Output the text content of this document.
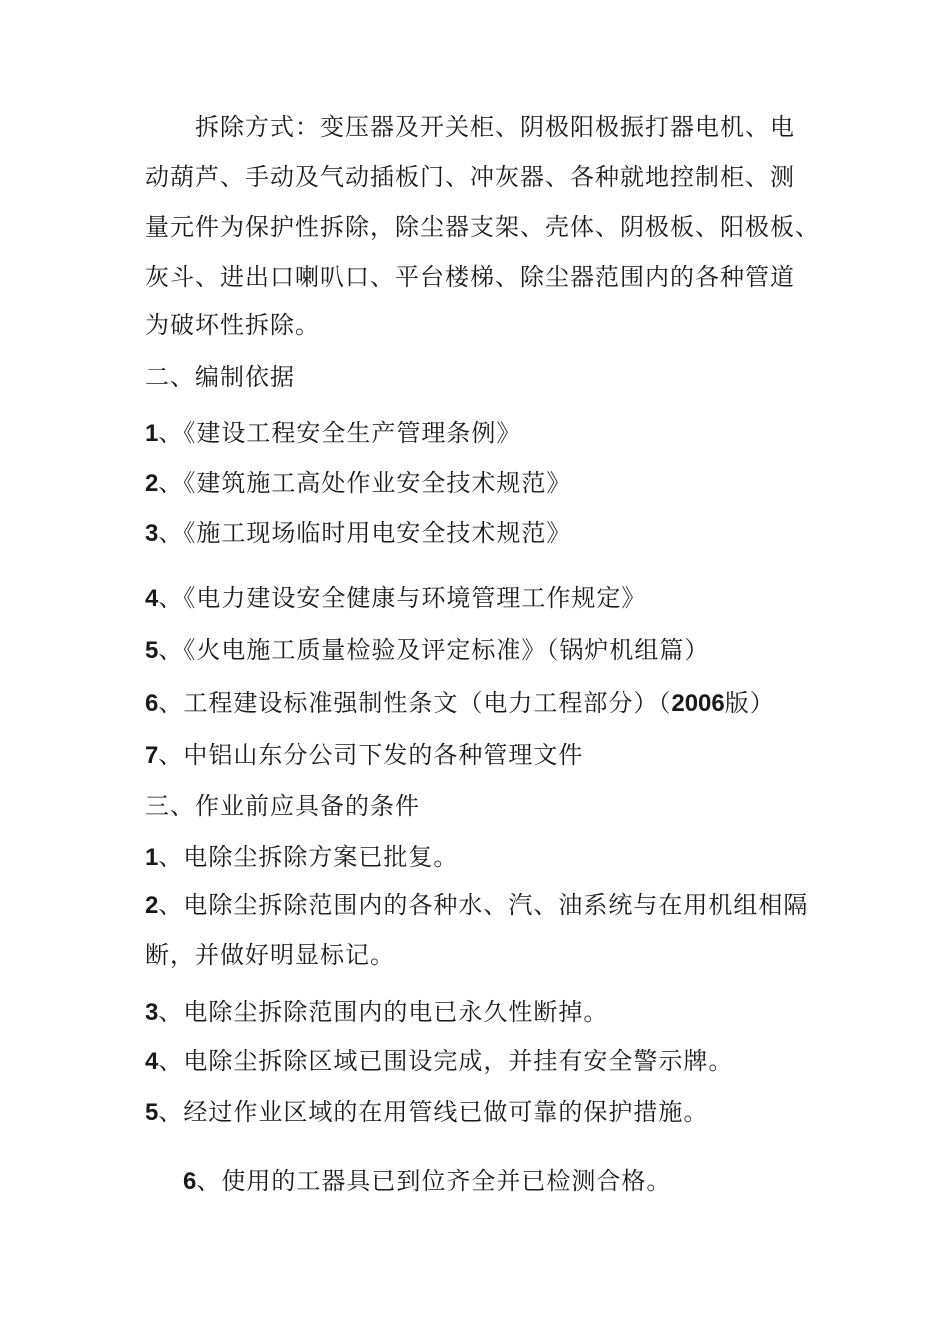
拆除方式：变压器及开关柜、阴极阳极振打器电机、电
动葫芦、手动及气动插板门、冲灰器、各种就地控制柜、测
量元件为保护性拆除，除尘器支架、壳体、阴极板、阳极板、
灰斗、进出口喇叭口、平台楼梯、除尘器范围内的各种管道
为破坏性拆除。
二、编制依据
1、《建设工程安全生产管理条例》
2、《建筑施工高处作业安全技术规范》
3、《施工现场临时用电安全技术规范》
4、《电力建设安全健康与环境管理工作规定》
5、《火电施工质量检验及评定标准》（锅炉机组篇）
6、工程建设标准强制性条文（电力工程部分）（2006版）
7、中铝山东分公司下发的各种管理文件
三、作业前应具备的条件
1、电除尘拆除方案已批复。
2、电除尘拆除范围内的各种水、汽、油系统与在用机组相隔
断，并做好明显标记。
3、电除尘拆除范围内的电已永久性断掉。
4、电除尘拆除区域已围设完成，并挂有安全警示牌。
5、经过作业区域的在用管线已做可靠的保护措施。
6、使用的工器具已到位齐全并已检测合格。
